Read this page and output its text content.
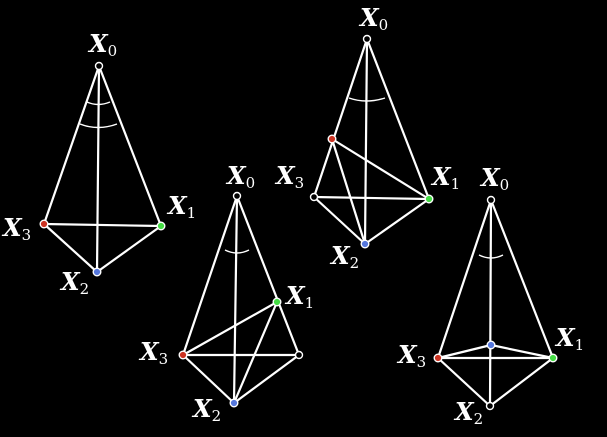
X0
X1
X3
X2
X0
X1
X3
X2
X0
X1
X3
X2
X0
X1
X3
X2
